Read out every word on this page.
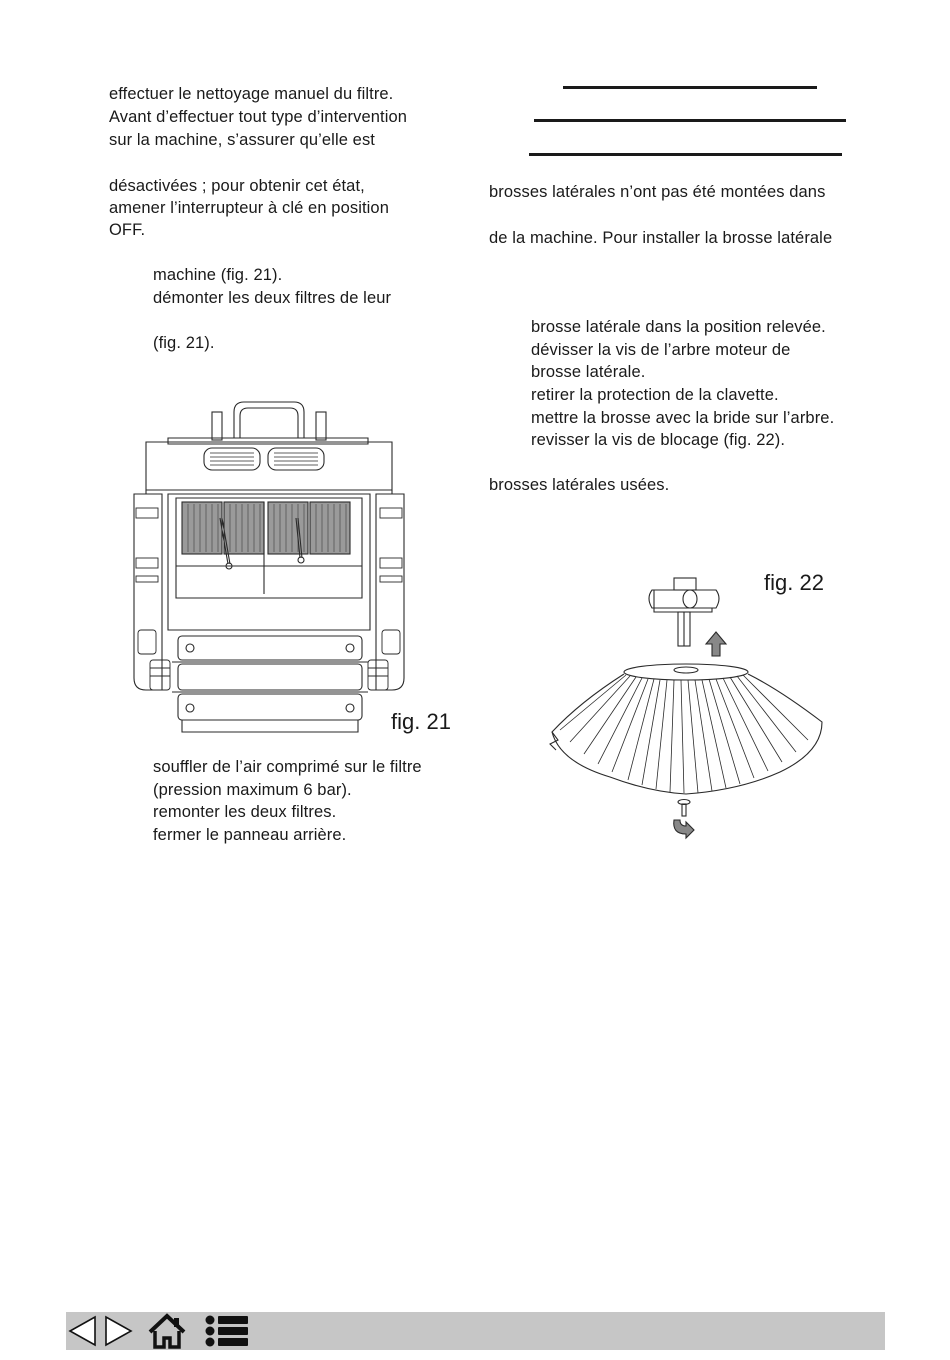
effectuer le nettoyage manuel du filtre.
Avant d’effectuer tout type d’intervention
sur la machine, s’assurer qu’elle est
désactivées ; pour obtenir cet état,
amener l’interrupteur à clé en position
OFF.
machine (fig. 21).
démonter les deux filtres de leur
(fig. 21).
fig. 21
souffler de l’air comprimé sur le filtre
(pression maximum 6 bar).
remonter les deux filtres.
fermer le panneau arrière.
brosses latérales n’ont pas été montées dans
de la machine. Pour installer la brosse latérale
brosse latérale dans la position relevée.
dévisser la vis de l’arbre moteur de
brosse latérale.
retirer la protection de la clavette.
mettre la brosse avec la bride sur l’arbre.
revisser la vis de blocage (fig. 22).
brosses latérales usées.
fig. 22
